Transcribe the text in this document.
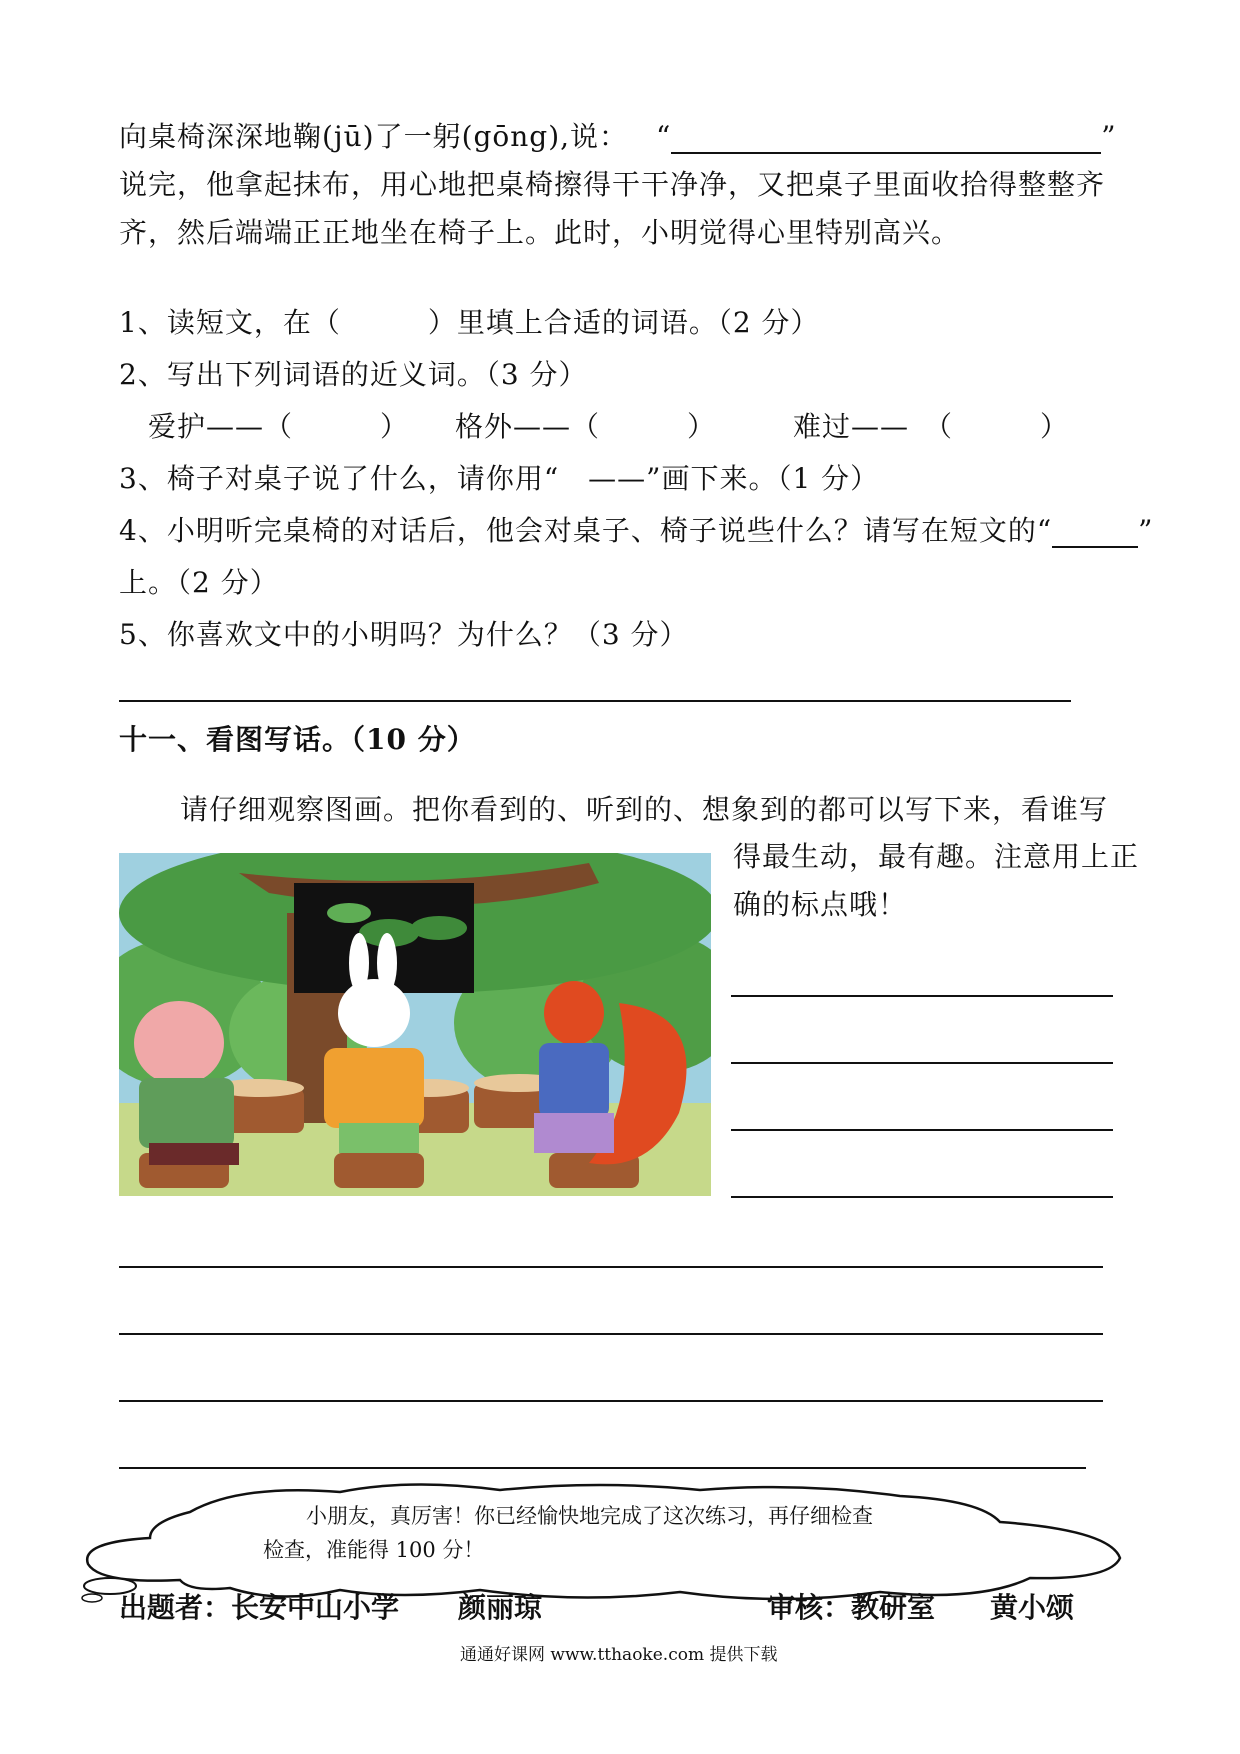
向桌椅深深地鞠(jū)了一躬(gōng),说： “	”
说完，他拿起抹布，用心地把桌椅擦得干干净净，又把桌子里面收拾得整整齐
齐，然后端端正正地坐在椅子上。此时，小明觉得心里特别高兴。
1、读短文，在（　　　）里填上合适的词语。（2 分）
2、写出下列词语的近义词。（3 分）
爱护——（　　　） 格外——（　　　）	难过——　（　　　）
3、椅子对桌子说了什么，请你用“　——”画下来。（1 分）
4、小明听完桌椅的对话后，他会对桌子、椅子说些什么？请写在短文的“	”
上。（2 分）
5、你喜欢文中的小明吗？为什么？（3 分）
十一、看图写话。（10 分）
请仔细观察图画。把你看到的、听到的、想象到的都可以写下来，看谁写
得最生动，最有趣。注意用上正
确的标点哦！
小朋友，真厉害！你已经愉快地完成了这次练习，再仔细检查
检查，准能得 100 分！
出题者：长安中山小学 颜丽琼	审核：教研室 黄小颂
通通好课网 www.tthaoke.com 提供下载
